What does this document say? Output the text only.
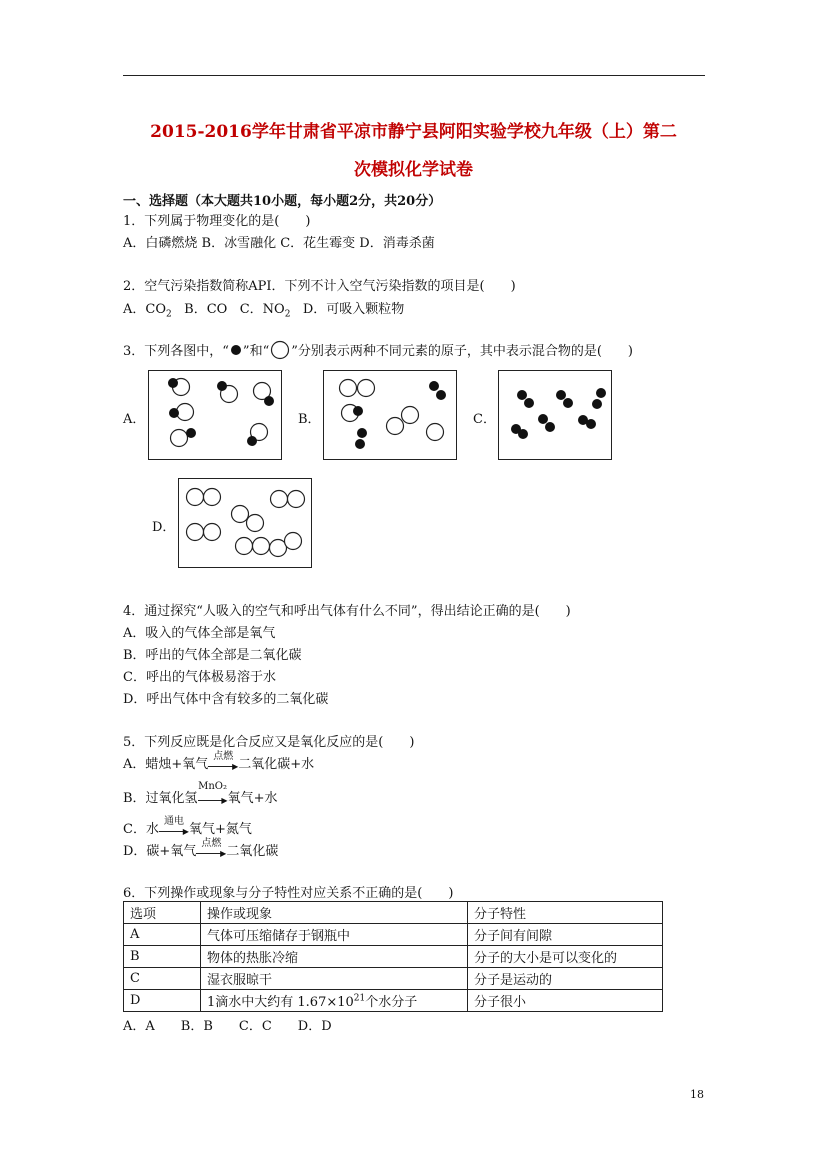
2015-2016学年甘肃省平凉市静宁县阿阳实验学校九年级（上）第二
次模拟化学试卷
一、选择题（本大题共10小题，每小题2分，共20分）
1．下列属于物理变化的是(　　)
A．白磷燃烧 B．冰雪融化 C．花生霉变 D．消毒杀菌
2．空气污染指数简称API．下列不计入空气污染指数的项目是(　　)
A．$CO_2$ B．CO C．$NO_2$ D．可吸入颗粒物
3．下列各图中，“ ”和“ ”分别表示两种不同元素的原子，其中表示混合物的是(　　)
A．	B．	C．
D．
4．通过探究“人吸入的空气和呼出气体有什么不同”，得出结论正确的是(　　)
A．吸入的气体全部是氧气
B．呼出的气体全部是二氧化碳
C．呼出的气体极易溶于水
D．呼出气体中含有较多的二氧化碳
5．下列反应既是化合反应又是氧化反应的是(　　)
A．蜡烛+氧气
点燃
▶ 二氧化碳+水
B．过氧化氢
MnO₂
▶ 氧气+水
C．水
通电
▶ 氧气+氮气
D．碳+氧气
点燃
▶ 二氧化碳
6．下列操作或现象与分子特性对应关系不正确的是(　　)
选项	操作或现象	分子特性
A	气体可压缩储存于钢瓶中	分子间有间隙
B	物体的热胀冷缩	分子的大小是可以变化的
C	湿衣服晾干	分子是运动的
D	1滴水中大约有 $1.67\times 10^{21}$个水分子	分子很小
A．A　　B．B　　C．C　　D．D
18
